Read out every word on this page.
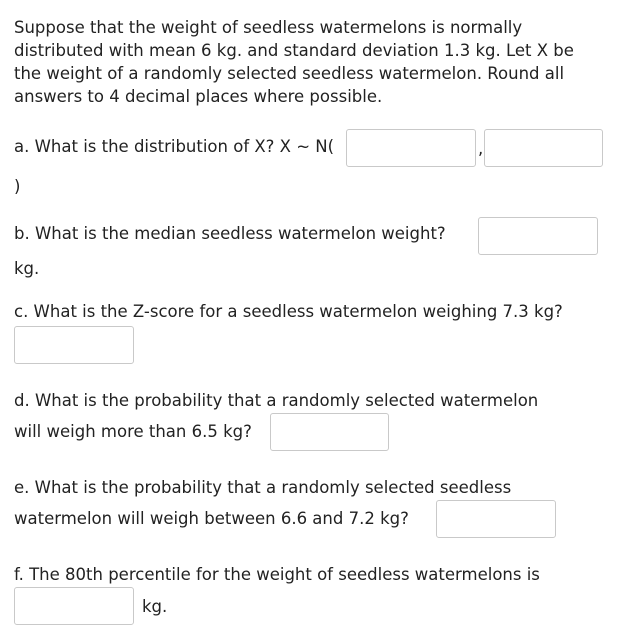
Suppose that the weight of seedless watermelons is normally
distributed with mean 6 kg. and standard deviation 1.3 kg. Let X be
the weight of a randomly selected seedless watermelon. Round all
answers to 4 decimal places where possible.
a. What is the distribution of X? X ~ N(	,
)
b. What is the median seedless watermelon weight?
kg.
c. What is the Z-score for a seedless watermelon weighing 7.3 kg?
d. What is the probability that a randomly selected watermelon
will weigh more than 6.5 kg?
e. What is the probability that a randomly selected seedless
watermelon will weigh between 6.6 and 7.2 kg?
f. The 80th percentile for the weight of seedless watermelons is
kg.
